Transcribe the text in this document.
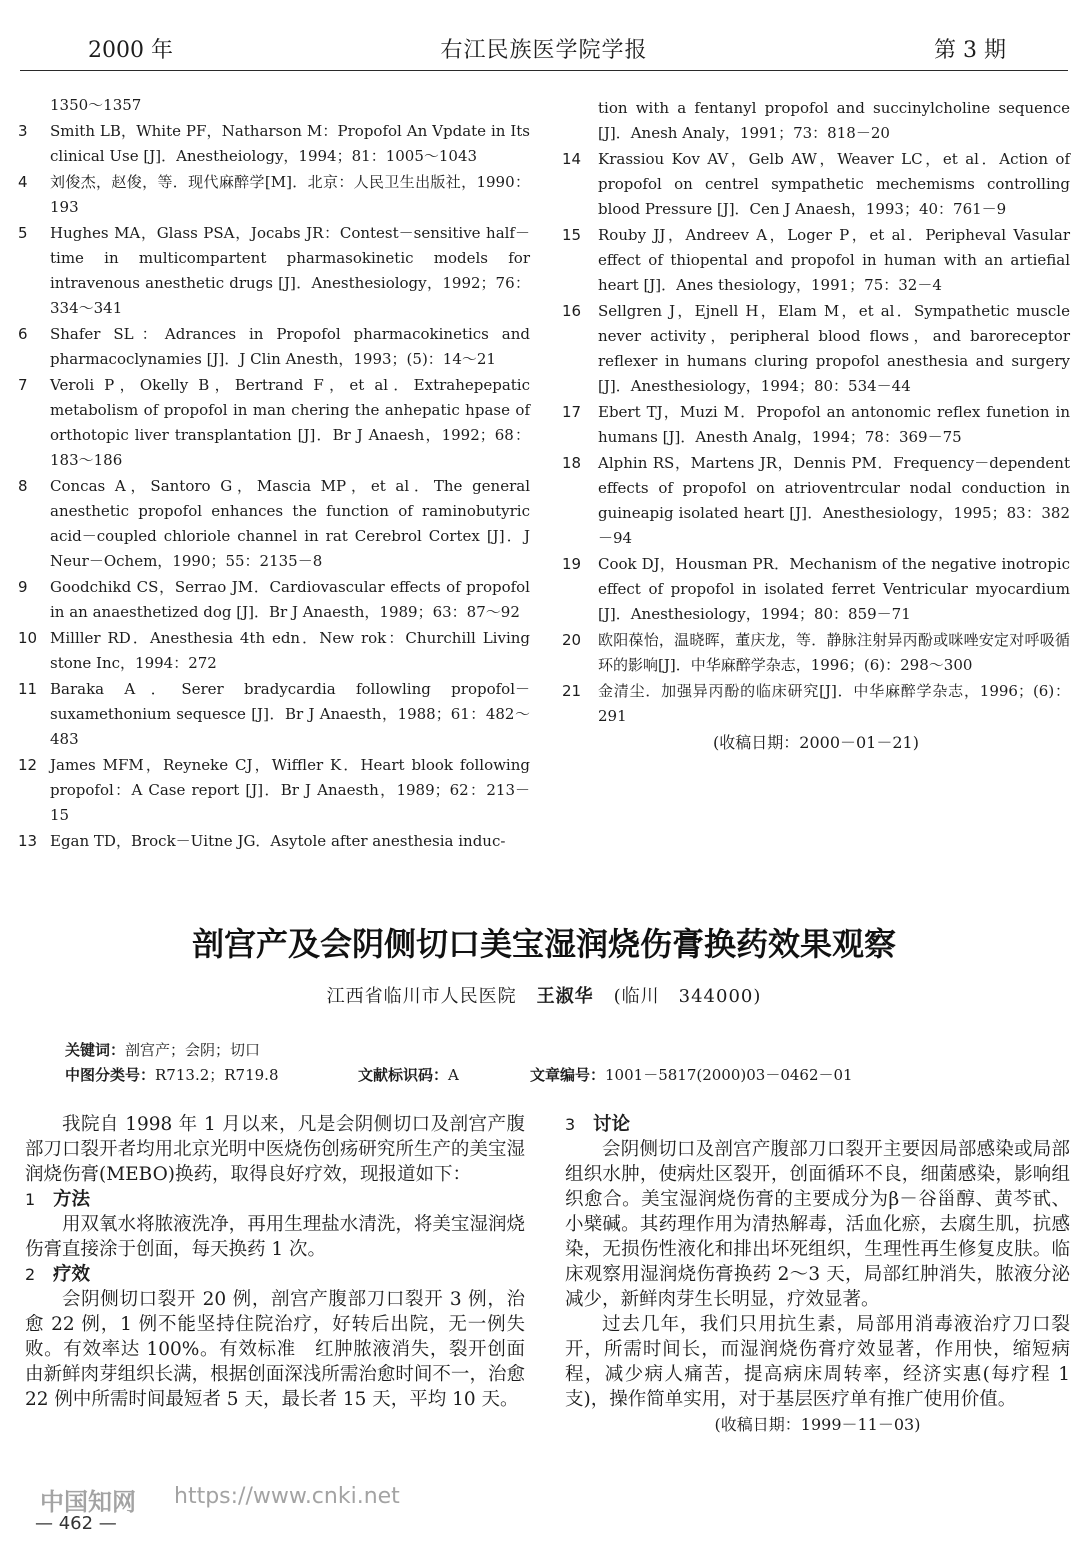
2000 年	右江民族医学院学报	第 3 期
1350～1357
3	Smith LB，White PF，Natharson M：Propofol An Vpdate in Its clinical Use [J]．Anestheiology，1994；81：1005～1043
4	刘俊杰，赵俊，等．现代麻醉学[M]．北京：人民卫生出版社，1990：193
5	Hughes MA，Glass PSA，Jocabs JR：Contest－sensitive half－time in multicompartent pharmasokinetic models for intravenous anesthetic drugs [J]．Anesthesiology，1992；76：334～341
6	Shafer SL：Adrances in Propofol pharmacokinetics and pharmacoclynamies [J]．J Clin Anesth，1993；(5)：14～21
7	Veroli P，Okelly B，Bertrand F，et al．Extrahepepatic metabolism of propofol in man chering the anhepatic hpase of orthotopic liver transplantation [J]．Br J Anaesh，1992；68：183～186
8	Concas A，Santoro G，Mascia MP，et al．The general anesthetic propofol enhances the function of raminobutyric acid－coupled chloriole channel in rat Cerebrol Cortex [J]．J Neur－Ochem，1990；55：2135－8
9	Goodchikd CS，Serrao JM．Cardiovascular effects of propofol in an anaesthetized dog [J]．Br J Anaesth，1989；63：87～92
10 Milller RD．Anesthesia 4th edn．New rok：Churchill Living stone Inc，1994：272
11 Baraka A．Serer bradycardia followling propofol－suxamethonium sequesce [J]．Br J Anaesth，1988；61：482～483
12 James MFM，Reyneke CJ，Wiffler K．Heart blook following propofol：A Case report [J]．Br J Anaesth，1989；62：213－15
13 Egan TD，Brock－Uitne JG．Asytole after anesthesia induc-
tion with a fentanyl propofol and succinylcholine sequence [J]．Anesh Analy，1991；73：818－20
14	Krassiou Kov AV，Gelb AW，Weaver LC，et al．Action of propofol on centrel sympathetic mechemisms controlling blood Pressure [J]．Cen J Anaesh，1993；40：761－9
15	Rouby JJ，Andreev A，Loger P，et al．Peripheval Vasular effect of thiopental and propofol in human with an artiefial heart [J]．Anes thesiology，1991；75：32－4
16	Sellgren J，Ejnell H，Elam M，et al．Sympathetic muscle never activity，peripheral blood flows，and baroreceptor reflexer in humans cluring propofol anesthesia and surgery [J]．Anesthesiology，1994；80：534－44
17	Ebert TJ，Muzi M．Propofol an antonomic reflex funetion in humans [J]．Anesth Analg，1994；78：369－75
18	Alphin RS，Martens JR，Dennis PM．Frequency－dependent effects of propofol on atrioventrcular nodal conduction in guineapig isolated heart [J]．Anesthesiology，1995；83：382－94
19	Cook DJ，Housman PR．Mechanism of the negative inotropic effect of propofol in isolated ferret Ventricular myocardium [J]．Anesthesiology，1994；80：859－71
20	欧阳葆怡，温晓晖，董庆龙，等．静脉注射异丙酚或咪唑安定对呼吸循环的影响[J]．中华麻醉学杂志，1996；(6)：298～300
21	金清尘．加强异丙酚的临床研究[J]．中华麻醉学杂志，1996；(6)：291
(收稿日期：2000－01－21)
剖宫产及会阴侧切口美宝湿润烧伤膏换药效果观察
江西省临川市人民医院 王淑华 (临川　344000)
关键词：剖宫产；会阴；切口
中图分类号：R713.2；R719.8	文献标识码：A	文章编号：1001－5817(2000)03－0462－01

我院自 1998 年 1 月以来，凡是会阴侧切口及剖宫产腹部刀口裂开者均用北京光明中医烧伤创疡研究所生产的美宝湿润烧伤膏(MEBO)换药，取得良好疗效，现报道如下：

1 方法

用双氧水将脓液洗净，再用生理盐水清洗，将美宝湿润烧伤膏直接涂于创面，每天换药 1 次。

2 疗效

会阴侧切口裂开 20 例，剖宫产腹部刀口裂开 3 例，治愈 22 例，1 例不能坚持住院治疗，好转后出院，无一例失败。有效率达 100%。有效标准　红肿脓液消失，裂开创面由新鲜肉芽组织长满，根据创面深浅所需治愈时间不一，治愈 22 例中所需时间最短者 5 天，最长者 15 天，平均 10 天。

3 讨论

会阴侧切口及剖宫产腹部刀口裂开主要因局部感染或局部组织水肿，使病灶区裂开，创面循环不良，细菌感染，影响组织愈合。美宝湿润烧伤膏的主要成分为β－谷甾醇、黄芩甙、小檗碱。其药理作用为清热解毒，活血化瘀，去腐生肌，抗感染，无损伤性液化和排出坏死组织，生理性再生修复皮肤。临床观察用湿润烧伤膏换药 2～3 天，局部红肿消失，脓液分泌减少，新鲜肉芽生长明显，疗效显著。

过去几年，我们只用抗生素，局部用消毒液治疗刀口裂开，所需时间长，而湿润烧伤膏疗效显著，作用快，缩短病程，减少病人痛苦，提高病床周转率，经济实惠(每疗程 1 支)，操作简单实用，对于基层医疗单有推广使用价值。

(收稿日期：1999－11－03)
中国知网 https://www.cnki.net
— 462 —
